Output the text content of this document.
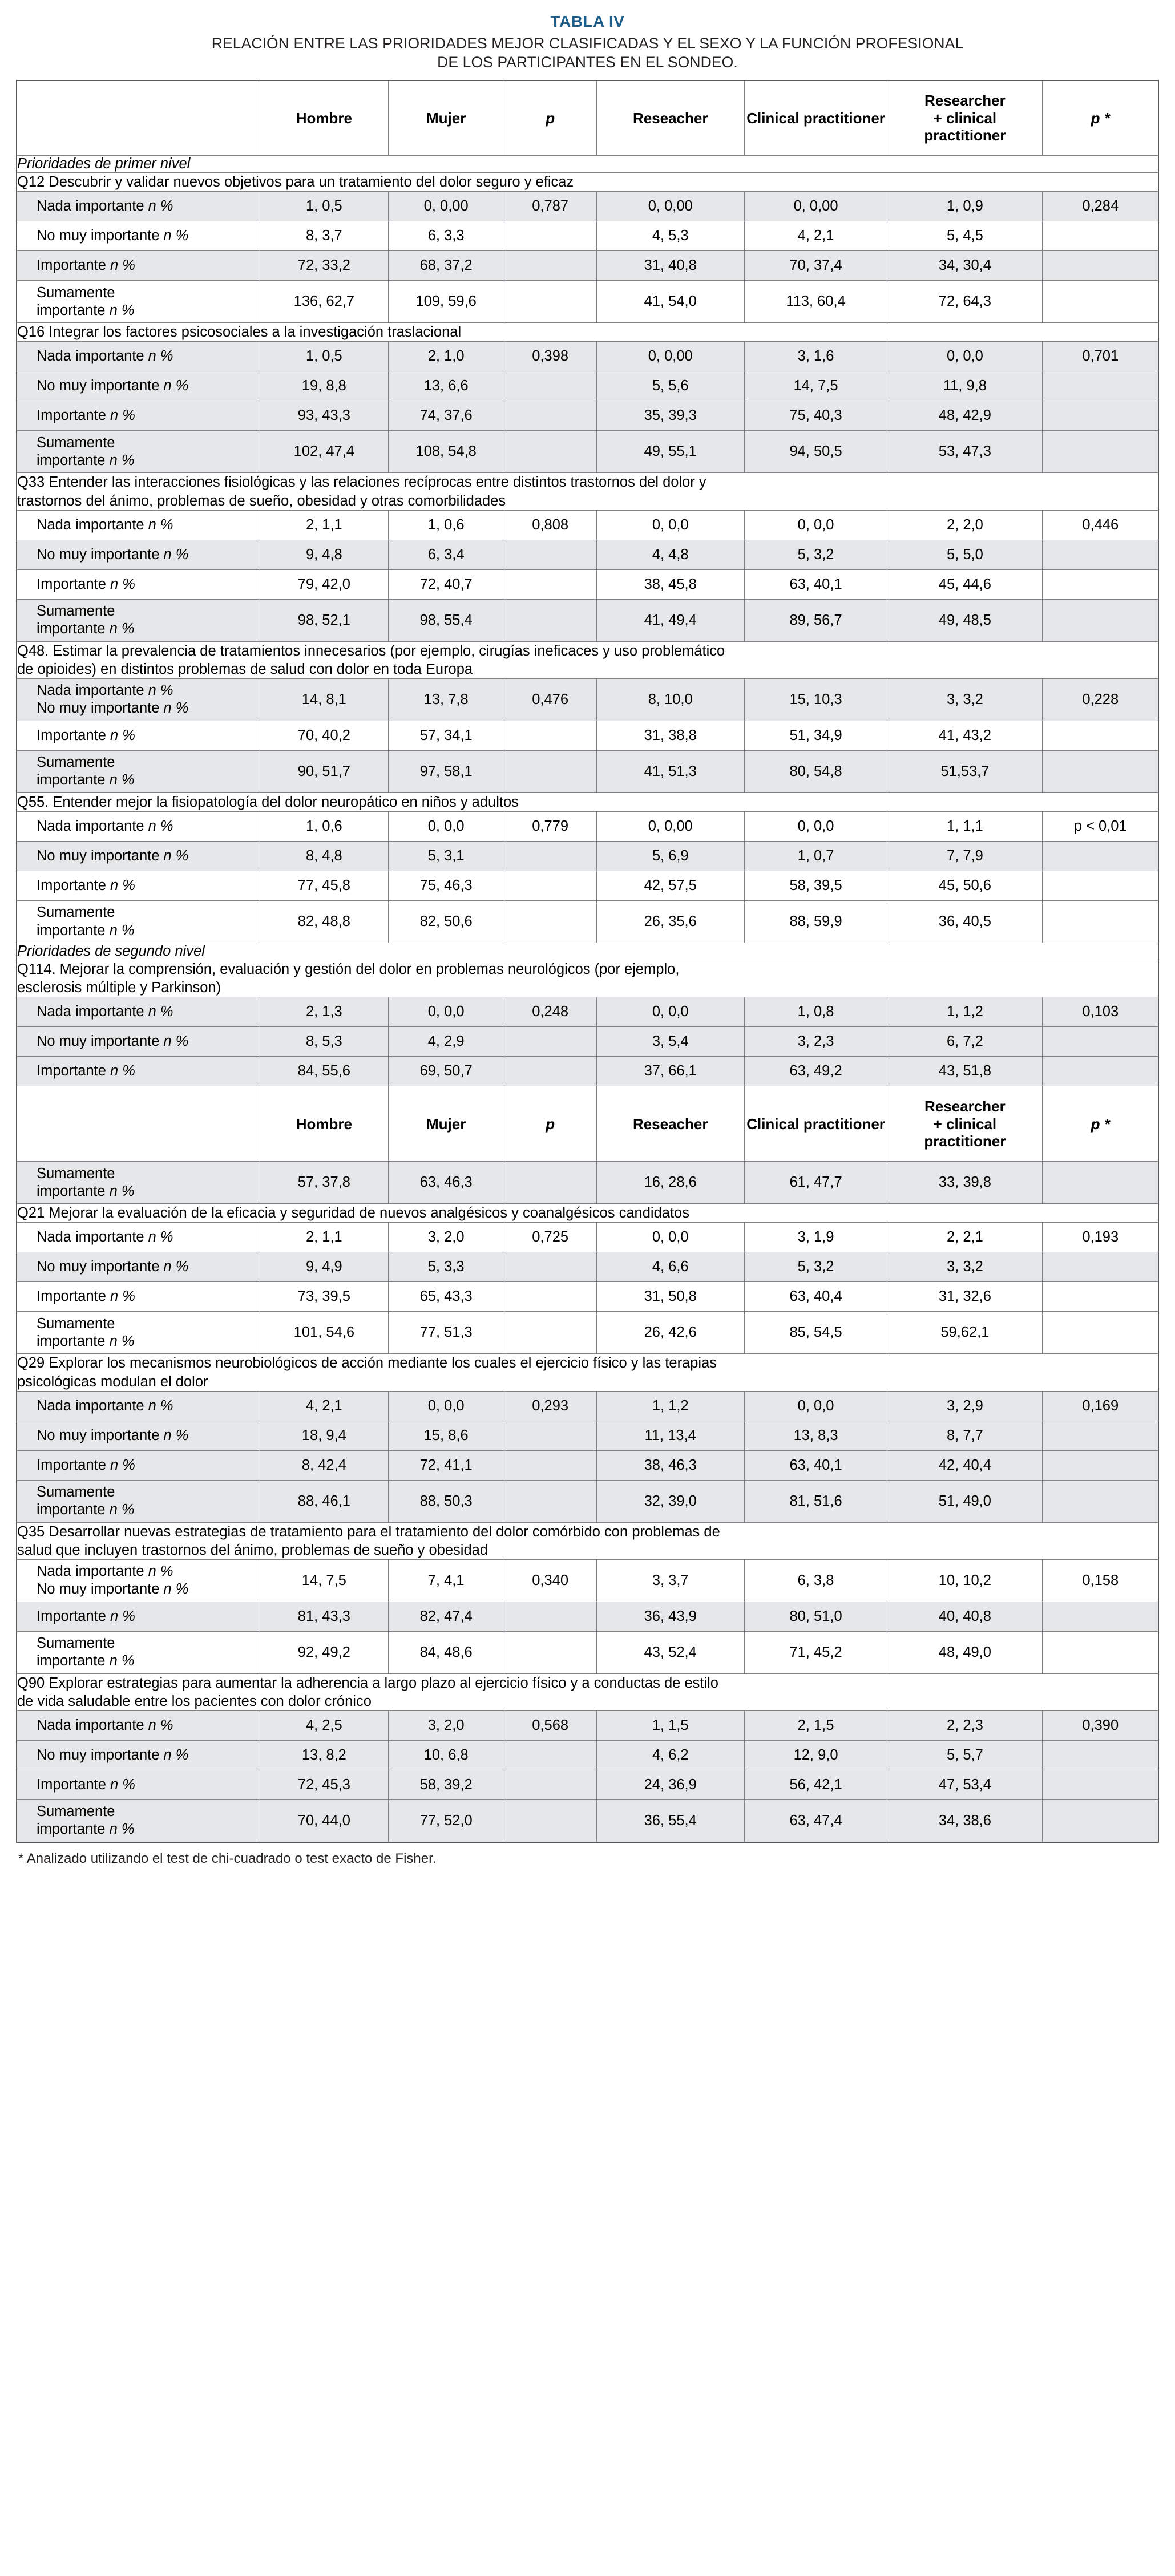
TABLA IV
RELACIÓN ENTRE LAS PRIORIDADES MEJOR CLASIFICADAS Y EL SEXO Y LA FUNCIÓN PROFESIONAL
DE LOS PARTICIPANTES EN EL SONDEO.
	Hombre	Mujer	p	Reseacher	Clinical practitioner	Researcher
+ clinical
practitioner	p *
Prioridades de primer nivel							
Q12 Descubrir y validar nuevos objetivos para un tratamiento del dolor seguro y eficaz							
Nada importante n %	1, 0,5	0, 0,00	0,787	0, 0,00	0, 0,00	1, 0,9	0,284
No muy importante n %	8, 3,7	6, 3,3		4, 5,3	4, 2,1	5, 4,5	
Importante n %	72, 33,2	68, 37,2		31, 40,8	70, 37,4	34, 30,4	

Sumamente
importante n %	136, 62,7	109, 59,6		41, 54,0	113, 60,4	72, 64,3	
Q16 Integrar los factores psicosociales a la investigación traslacional							
Nada importante n %	1, 0,5	2, 1,0	0,398	0, 0,00	3, 1,6	0, 0,0	0,701
No muy importante n %	19, 8,8	13, 6,6		5, 5,6	14, 7,5	11, 9,8	
Importante n %	93, 43,3	74, 37,6		35, 39,3	75, 40,3	48, 42,9	

Sumamente
importante n %	102, 47,4	108, 54,8		49, 55,1	94, 50,5	53, 47,3	

Q33 Entender las interacciones fisiológicas y las relaciones recíprocas entre distintos trastornos del dolor y
trastornos del ánimo, problemas de sueño, obesidad y otras comorbilidades							

Nada importante n %	2, 1,1	1, 0,6	0,808	0, 0,0	0, 0,0	2, 2,0	0,446
No muy importante n %	9, 4,8	6, 3,4		4, 4,8	5, 3,2	5, 5,0	
Importante n %	79, 42,0	72, 40,7		38, 45,8	63, 40,1	45, 44,6	

Sumamente
importante n %	98, 52,1	98, 55,4		41, 49,4	89, 56,7	49, 48,5	

Q48. Estimar la prevalencia de tratamientos innecesarios (por ejemplo, cirugías ineficaces y uso problemático
de opioides) en distintos problemas de salud con dolor en toda Europa							

Nada importante n %
No muy importante n %	14, 8,1	13, 7,8	0,476	8, 10,0	15, 10,3	3, 3,2	0,228
Importante n %	70, 40,2	57, 34,1		31, 38,8	51, 34,9	41, 43,2	

Sumamente
importante n %	90, 51,7	97, 58,1		41, 51,3	80, 54,8	51,53,7	
Q55. Entender mejor la fisiopatología del dolor neuropático en niños y adultos							
Nada importante n %	1, 0,6	0, 0,0	0,779	0, 0,00	0, 0,0	1, 1,1	p < 0,01
No muy importante n %	8, 4,8	5, 3,1		5, 6,9	1, 0,7	7, 7,9	
Importante n %	77, 45,8	75, 46,3		42, 57,5	58, 39,5	45, 50,6	

Sumamente
importante n %	82, 48,8	82, 50,6		26, 35,6	88, 59,9	36, 40,5	
Prioridades de segundo nivel							

Q114. Mejorar la comprensión, evaluación y gestión del dolor en problemas neurológicos (por ejemplo,
esclerosis múltiple y Parkinson)							

Nada importante n %	2, 1,3	0, 0,0	0,248	0, 0,0	1, 0,8	1, 1,2	0,103
No muy importante n %	8, 5,3	4, 2,9		3, 5,4	3, 2,3	6, 7,2	
Importante n %	84, 55,6	69, 50,7		37, 66,1	63, 49,2	43, 51,8	
	Hombre	Mujer	p	Reseacher	Clinical practitioner	Researcher
+ clinical
practitioner	p *

Sumamente
importante n %	57, 37,8	63, 46,3		16, 28,6	61, 47,7	33, 39,8	
Q21 Mejorar la evaluación de la eficacia y seguridad de nuevos analgésicos y coanalgésicos candidatos							
Nada importante n %	2, 1,1	3, 2,0	0,725	0, 0,0	3, 1,9	2, 2,1	0,193
No muy importante n %	9, 4,9	5, 3,3		4, 6,6	5, 3,2	3, 3,2	
Importante n %	73, 39,5	65, 43,3		31, 50,8	63, 40,4	31, 32,6	

Sumamente
importante n %	101, 54,6	77, 51,3		26, 42,6	85, 54,5	59,62,1	

Q29 Explorar los mecanismos neurobiológicos de acción mediante los cuales el ejercicio físico y las terapias
psicológicas modulan el dolor							

Nada importante n %	4, 2,1	0, 0,0	0,293	1, 1,2	0, 0,0	3, 2,9	0,169
No muy importante n %	18, 9,4	15, 8,6		11, 13,4	13, 8,3	8, 7,7	
Importante n %	8, 42,4	72, 41,1		38, 46,3	63, 40,1	42, 40,4	

Sumamente
importante n %	88, 46,1	88, 50,3		32, 39,0	81, 51,6	51, 49,0	

Q35 Desarrollar nuevas estrategias de tratamiento para el tratamiento del dolor comórbido con problemas de
salud que incluyen trastornos del ánimo, problemas de sueño y obesidad							

Nada importante n %
No muy importante n %	14, 7,5	7, 4,1	0,340	3, 3,7	6, 3,8	10, 10,2	0,158
Importante n %	81, 43,3	82, 47,4		36, 43,9	80, 51,0	40, 40,8	

Sumamente
importante n %	92, 49,2	84, 48,6		43, 52,4	71, 45,2	48, 49,0	

Q90 Explorar estrategias para aumentar la adherencia a largo plazo al ejercicio físico y a conductas de estilo
de vida saludable entre los pacientes con dolor crónico							

Nada importante n %	4, 2,5	3, 2,0	0,568	1, 1,5	2, 1,5	2, 2,3	0,390
No muy importante n %	13, 8,2	10, 6,8		4, 6,2	12, 9,0	5, 5,7	
Importante n %	72, 45,3	58, 39,2		24, 36,9	56, 42,1	47, 53,4	

Sumamente
importante n %	70, 44,0	77, 52,0		36, 55,4	63, 47,4	34, 38,6	
* Analizado utilizando el test de chi-cuadrado o test exacto de Fisher.
